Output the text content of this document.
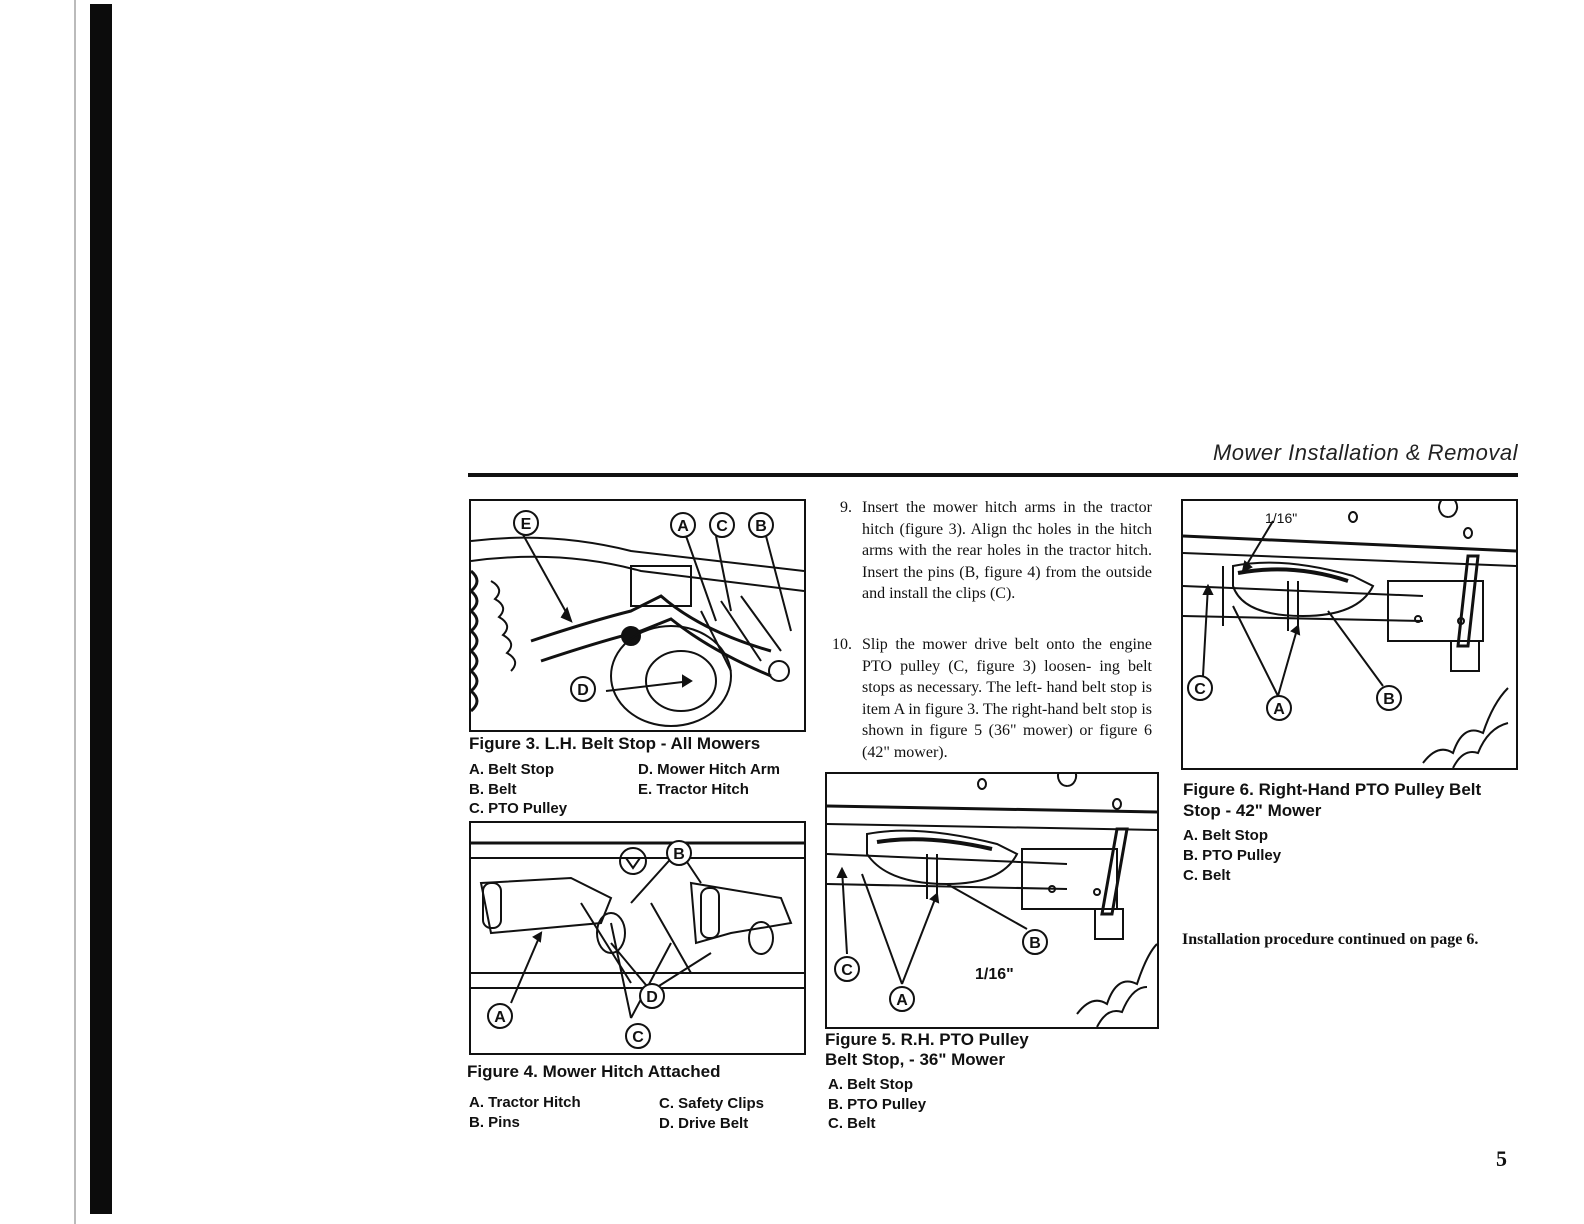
Mower Installation & Removal
E	A C B
D
Figure 3. L.H. Belt Stop - All Mowers
A. Belt Stop
B. Belt
C. PTO Pulley
D. Mower Hitch Arm
E. Tractor Hitch
B
A
D
C
Figure 4. Mower Hitch Attached
A. Tractor Hitch
B. Pins
C. Safety Clips
D. Drive Belt
9. Insert the mower hitch arms in the tractor hitch (figure 3). Align thc holes in the hitch arms with the rear holes in the tractor hitch. Insert the pins (B, figure 4) from the outside and install the clips (C).
10. Slip the mower drive belt onto the engine PTO pulley (C, figure 3) loosen- ing belt stops as necessary. The left- hand belt stop is item A in figure 3. The right-hand belt stop is shown in figure 5 (36" mower) or figure 6 (42" mower).
B
C
A
1/16"
Figure 5. R.H. PTO Pulley
Belt Stop, - 36" Mower
A. Belt Stop
B. PTO Pulley
C. Belt
1/16"
C
A
B
Figure 6. Right-Hand PTO Pulley Belt
Stop - 42" Mower
A. Belt Stop
B. PTO Pulley
C. Belt
Installation procedure continued on page 6.
5
